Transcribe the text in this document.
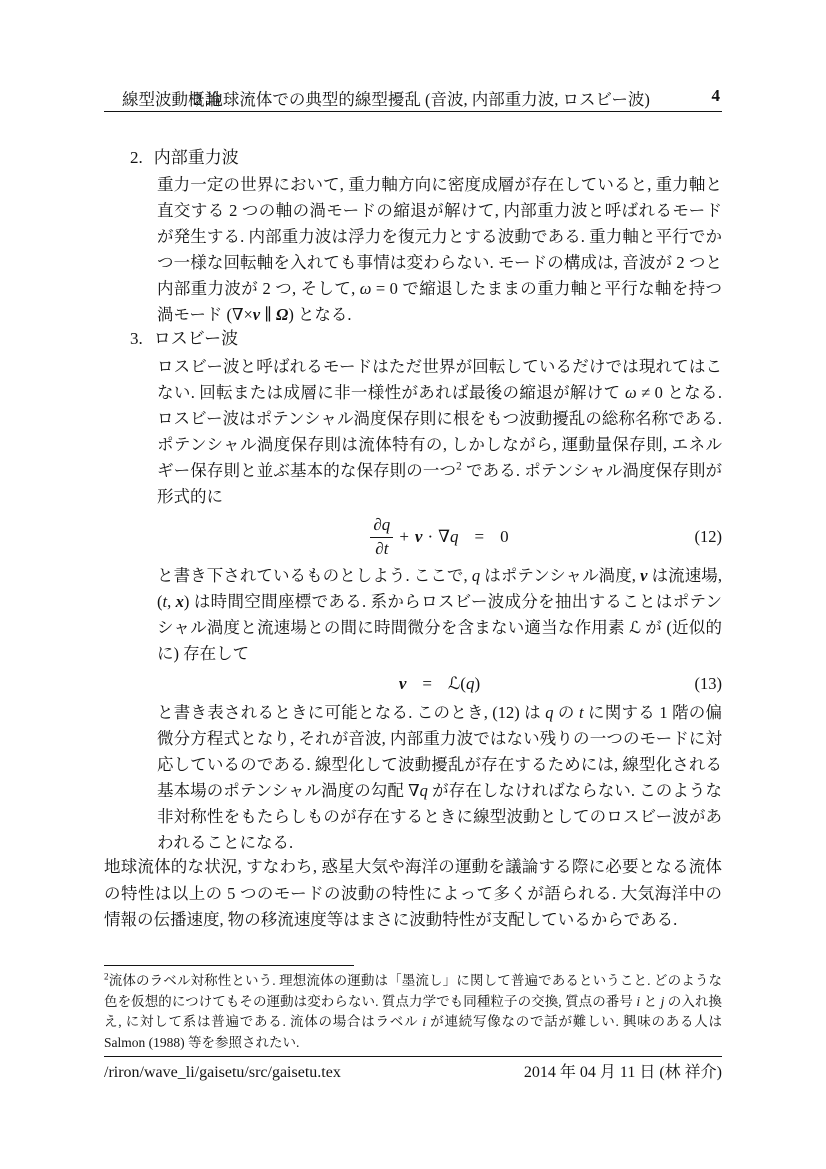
線型波動概論
2 地球流体での典型的線型擾乱 (音波, 内部重力波, ロスビー波)	4
2. 内部重力波
重力一定の世界において, 重力軸方向に密度成層が存在していると, 重力軸と直交する 2 つの軸の渦モードの縮退が解けて, 内部重力波と呼ばれるモードが発生する. 内部重力波は浮力を復元力とする波動である. 重力軸と平行でかつ一様な回転軸を入れても事情は変わらない. モードの構成は, 音波が 2 つと内部重力波が 2 つ, そして, ω = 0 で縮退したままの重力軸と平行な軸を持つ渦モード (∇×v ∥ Ω) となる.
3. ロスビー波
ロスビー波と呼ばれるモードはただ世界が回転しているだけでは現れてはこない. 回転または成層に非一様性があれば最後の縮退が解けて ω ≠ 0 となる. ロスビー波はポテンシャル渦度保存則に根をもつ波動擾乱の総称名称である. ポテンシャル渦度保存則は流体特有の, しかしながら, 運動量保存則, エネルギー保存則と並ぶ基本的な保存則の一つ$^2$ である. ポテンシャル渦度保存則が形式的に
$\frac{\partial q}{\partial t} + v$ · ∇ q = 0	(12)
と書き下されているものとしよう. ここで, q はポテンシャル渦度, v は流速場, (t, x) は時間空間座標である. 系からロスビー波成分を抽出することはポテンシャル渦度と流速場との間に時間微分を含まない適当な作用素 ℒ が (近似的に) 存在して
v = ℒ ( q )	(13)
と書き表されるときに可能となる. このとき, (12) は q の t に関する 1 階の偏微分方程式となり, それが音波, 内部重力波ではない残りの一つのモードに対応しているのである. 線型化して波動擾乱が存在するためには, 線型化される基本場のポテンシャル渦度の勾配 ∇q が存在しなければならない. このような非対称性をもたらしものが存在するときに線型波動としてのロスビー波があわれることになる.
地球流体的な状況, すなわち, 惑星大気や海洋の運動を議論する際に必要となる流体の特性は以上の 5 つのモードの波動の特性によって多くが語られる. 大気海洋中の情報の伝播速度, 物の移流速度等はまさに波動特性が支配しているからである.
$^2$流体のラベル対称性という. 理想流体の運動は「墨流し」に関して普遍であるということ. どのような色を仮想的につけてもその運動は変わらない. 質点力学でも同種粒子の交換, 質点の番号 i と j の入れ換え, に対して系は普遍である. 流体の場合はラベル i が連続写像なので話が難しい. 興味のある人は Salmon (1988) 等を参照されたい.
/riron/wave_li/gaisetu/src/gaisetu.tex	2014 年 04 月 11 日 (林 祥介)
